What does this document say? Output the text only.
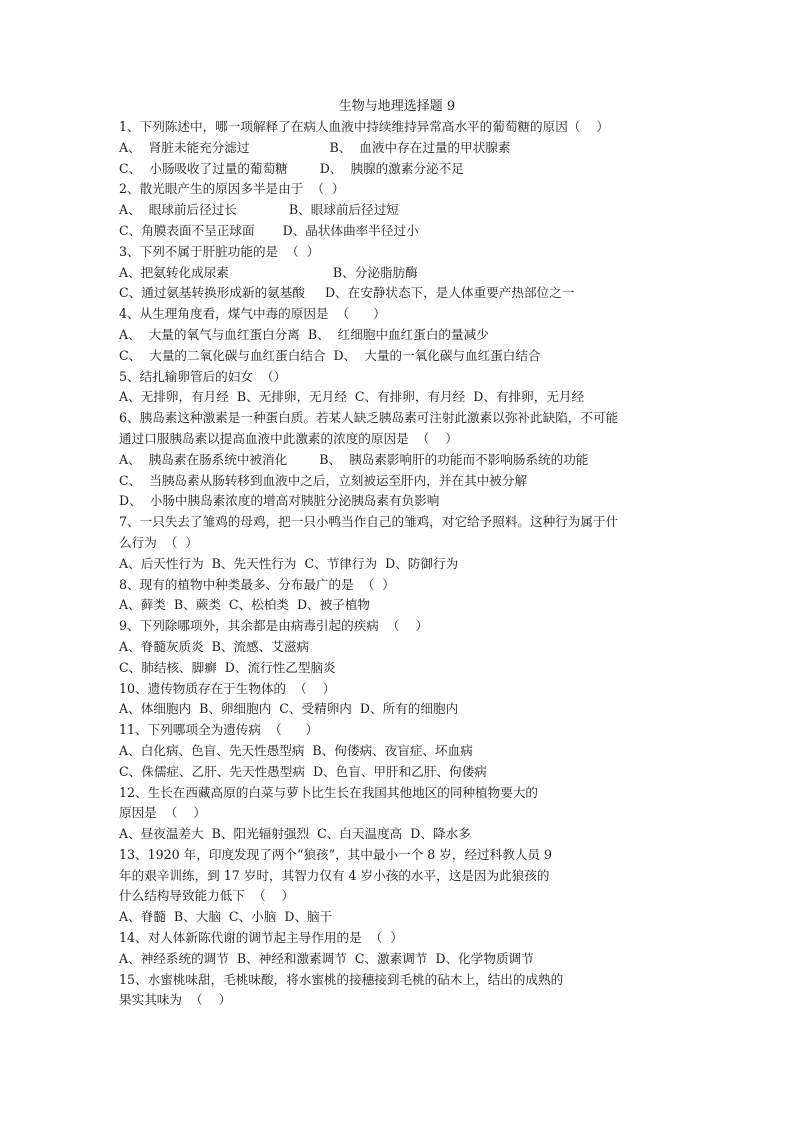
生物与地理选择题 9
1、下列陈述中，哪一项解释了在病人血液中持续维持异常高水平的葡萄糖的原因（    ）
A、  肾脏未能充分滤过                    B、  血液中存在过量的甲状腺素
C、  小肠吸收了过量的葡萄糖        D、  胰腺的激素分泌不足
2、散光眼产生的原因多半是由于  （  ）
A、  眼球前后径过长             B、眼球前后径过短
C、角膜表面不呈正球面       D、晶状体曲率半径过小
3、下列不属于肝脏功能的是  （  ）
A、把氨转化成尿素                          B、分泌脂肪酶
C、通过氨基转换形成新的氨基酸     D、在安静状态下，是人体重要产热部位之一
4、从生理角度看，煤气中毒的原因是  （      ）
A、  大量的氧气与血红蛋白分离  B、  红细胞中血红蛋白的量减少
C、  大量的二氧化碳与血红蛋白结合  D、  大量的一氧化碳与血红蛋白结合
5、结扎输卵管后的妇女  （）
A、无排卵，有月经  B、无排卵，无月经  C、有排卵，有月经  D、有排卵，无月经
6、胰岛素这种激素是一种蛋白质。若某人缺乏胰岛素可注射此激素以弥补此缺陷，不可能
通过口服胰岛素以提高血液中此激素的浓度的原因是  （    ）
A、  胰岛素在肠系统中被消化        B、  胰岛素影响肝的功能而不影响肠系统的功能
C、  当胰岛素从肠转移到血液中之后，立刻被运至肝内，并在其中被分解
D、  小肠中胰岛素浓度的增高对胰脏分泌胰岛素有负影响
7、一只失去了雏鸡的母鸡，把一只小鸭当作自己的雏鸡，对它给予照料。这种行为属于什
么行为  （  ）
A、后天性行为  B、先天性行为  C、节律行为  D、防御行为
8、现有的植物中种类最多、分布最广的是  （  ）
A、藓类  B、蕨类  C、松柏类  D、被子植物
9、下列除哪项外，其余都是由病毒引起的疾病  （    ）
A、脊髓灰质炎  B、流感、艾滋病
C、肺结核、脚癣  D、流行性乙型脑炎
10、遗传物质存在于生物体的  （    ）
A、体细胞内  B、卵细胞内  C、受精卵内  D、所有的细胞内
11、下列哪项全为遗传病  （      ）
A、白化病、色盲、先天性愚型病  B、佝偻病、夜盲症、坏血病
C、侏儒症、乙肝、先天性愚型病  D、色盲、甲肝和乙肝、佝偻病
12、生长在西藏高原的白菜与萝卜比生长在我国其他地区的同种植物要大的
原因是  （    ）
A、昼夜温差大  B、阳光辐射强烈  C、白天温度高  D、降水多
13、1920 年，印度发现了两个“狼孩”，其中最小一个 8 岁，经过科教人员 9
年的艰辛训练，到 17 岁时，其智力仅有 4 岁小孩的水平，这是因为此狼孩的
什么结构导致能力低下  （    ）
A、脊髓  B、大脑  C、小脑  D、脑干
14、对人体新陈代谢的调节起主导作用的是  （  ）
A、神经系统的调节  B、神经和激素调节  C、激素调节  D、化学物质调节
15、水蜜桃味甜，毛桃味酸，将水蜜桃的接穗接到毛桃的砧木上，结出的成熟的
果实其味为  （    ）
